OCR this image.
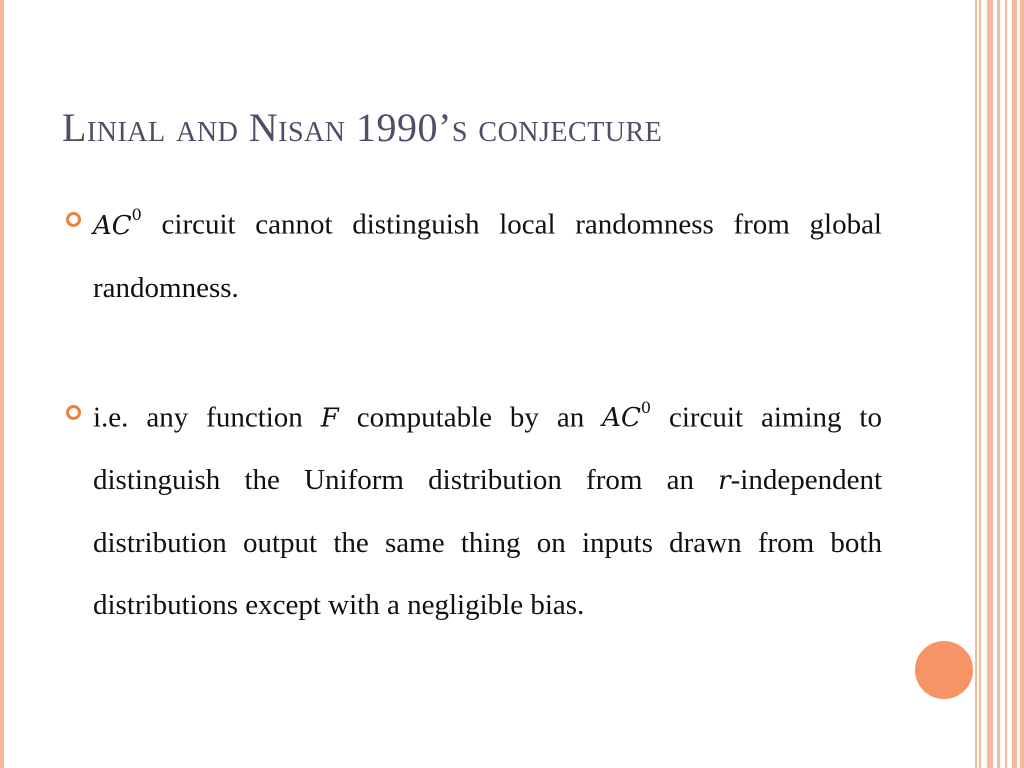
Linial and Nisan 1990’s conjecture
$AC^0$ circuit cannot distinguish local randomness from global randomness.
i.e. any function F computable by an $AC^0$ circuit aiming to distinguish the Uniform distribution from an r-independent distribution output the same thing on inputs drawn from both distributions except with a negligible bias.
